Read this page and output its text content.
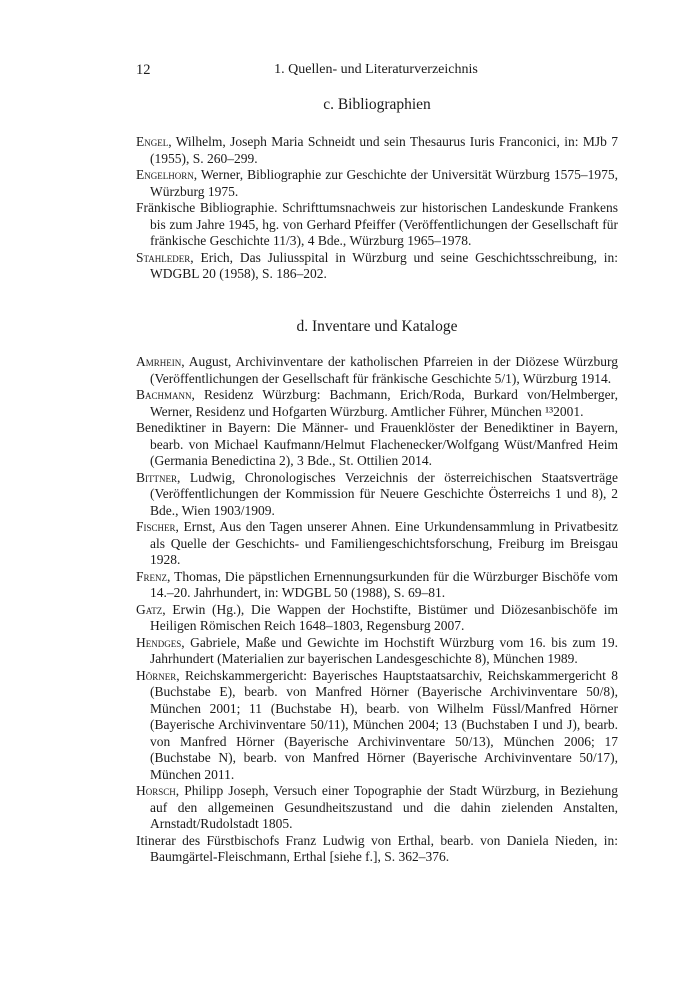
12	1. Quellen- und Literaturverzeichnis
c. Bibliographien

Engel, Wilhelm, Joseph Maria Schneidt und sein Thesaurus Iuris Franconici, in: MJb 7 (1955), S. 260–299.

Engelhorn, Werner, Bibliographie zur Geschichte der Universität Würzburg 1575–1975, Würzburg 1975.

Fränkische Bibliographie. Schrifttumsnachweis zur historischen Landeskunde Frankens bis zum Jahre 1945, hg. von Gerhard Pfeiffer (Veröffentlichungen der Gesellschaft für fränkische Geschichte 11/3), 4 Bde., Würzburg 1965–1978.

Stahleder, Erich, Das Juliusspital in Würzburg und seine Geschichtsschreibung, in: WDGBL 20 (1958), S. 186–202.

d. Inventare und Kataloge

Amrhein, August, Archivinventare der katholischen Pfarreien in der Diözese Würzburg (Veröffentlichungen der Gesellschaft für fränkische Geschichte 5/1), Würzburg 1914.

Bachmann, Residenz Würzburg: Bachmann, Erich/Roda, Burkard von/Helmberger, Werner, Residenz und Hofgarten Würzburg. Amtlicher Führer, München ¹³2001.

Benediktiner in Bayern: Die Männer- und Frauenklöster der Benediktiner in Bayern, bearb. von Michael Kaufmann/Helmut Flachenecker/Wolfgang Wüst/Manfred Heim (Germania Benedictina 2), 3 Bde., St. Ottilien 2014.

Bittner, Ludwig, Chronologisches Verzeichnis der österreichischen Staatsverträge (Veröffentlichungen der Kommission für Neuere Geschichte Österreichs 1 und 8), 2 Bde., Wien 1903/1909.

Fischer, Ernst, Aus den Tagen unserer Ahnen. Eine Urkundensammlung in Privatbesitz als Quelle der Geschichts- und Familiengeschichtsforschung, Freiburg im Breisgau 1928.

Frenz, Thomas, Die päpstlichen Ernennungsurkunden für die Würzburger Bischöfe vom 14.–20. Jahrhundert, in: WDGBL 50 (1988), S. 69–81.

Gatz, Erwin (Hg.), Die Wappen der Hochstifte, Bistümer und Diözesanbischöfe im Heiligen Römischen Reich 1648–1803, Regensburg 2007.

Hendges, Gabriele, Maße und Gewichte im Hochstift Würzburg vom 16. bis zum 19. Jahrhundert (Materialien zur bayerischen Landesgeschichte 8), München 1989.

Hörner, Reichskammergericht: Bayerisches Hauptstaatsarchiv, Reichskammergericht 8 (Buchstabe E), bearb. von Manfred Hörner (Bayerische Archivinventare 50/8), München 2001; 11 (Buchstabe H), bearb. von Wilhelm Füssl/Manfred Hörner (Bayerische Archivinventare 50/11), München 2004; 13 (Buchstaben I und J), bearb. von Manfred Hörner (Bayerische Archivinventare 50/13), München 2006; 17 (Buchstabe N), bearb. von Manfred Hörner (Bayerische Archivinventare 50/17), München 2011.

Horsch, Philipp Joseph, Versuch einer Topographie der Stadt Würzburg, in Beziehung auf den allgemeinen Gesundheitszustand und die dahin zielenden Anstalten, Arnstadt/Rudolstadt 1805.

Itinerar des Fürstbischofs Franz Ludwig von Erthal, bearb. von Daniela Nieden, in: Baumgärtel-Fleischmann, Erthal [siehe f.], S. 362–376.
